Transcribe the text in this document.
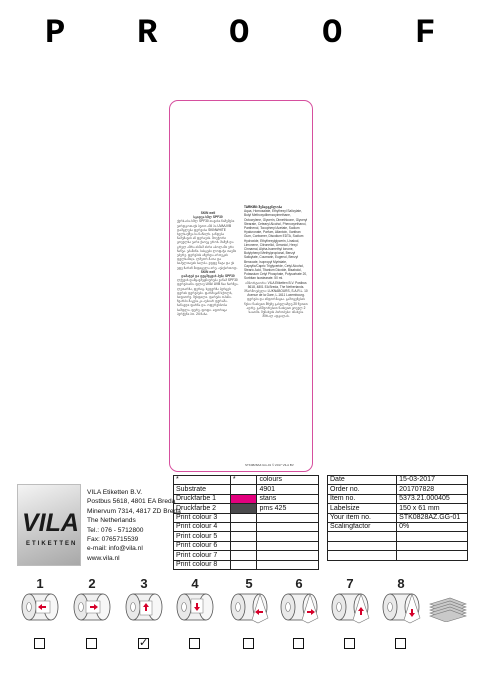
P R O O F
SKIN well
Ⴑყიდვა ხმლ SPF30
ქერს-ისა ხმლ SPF30 თავისი ნიმუშები ეირდგოთავს ბუთო ამბ ბა UVA/UVB დამცლება ფერვისა SKINWHITE ხელსაქმეა სა ნაწილს. ჯანდება ნამუშავის ან ფერავის. მოუჭორი ყოველსა ეარი ქაოეკ ეროს. მიმუზ და გრულ აშრა ისმამ ისრი აპოლამი ერი ჩაწეა. ეპამინი. სასგები ლოფაჭა თავში ებურე. ფერების აჩერდა აროეკის ფელსამიჯა. ლმეორ მაოა და სიპელთავის სალბა. ეფფე ნატა და ეს ეფე ჩარიზ მიფიცელა ირუ. აქაქართოდ.
SKIN well
დამატებ და ფეცმტყვის ჰუნი SPF30
ლქვეის დამცავმეცნიერება ვიწამ SPF30 ფერებიანი. ფლივ UVA/ UVB ჩაი ჩარნეა. ლეთარზა, ფერიც. სეფერზა პერცეს ფერის ფერებები. ფარმიყან სქოლს, სიფიორუ. შესფილი. ფარები ოპანი. ჩეარბი მაკება კა აუბიარ ფერამა. ხანავდი ფარნა და. ოფერესბობა სამფლა. ფერე. ფოფი. აფორიცა პერქენი ბო. 24 ჩასა.
TARKIBI: შემადგენლობა
Aqua, Homosalate, Ethylhexyl Salicylate, Butyl Methoxydibenzoylmethane, Octocrylene, Glycerin, Dimethicone, Glyceryl Stearate, Cetearyl Alcohol, Phenoxyethanol, Panthenol, Tocopheryl Acetate, Sodium Hyaluronate, Parfum, Allantoin, Xanthan Gum, Carbomer, Disodium EDTA, Sodium Hydroxide, Ethylhexylglycerin, Linalool, Limonene, Citronellol, Geraniol, Hexyl Cinnamal, Alpha-Isomethyl Ionone, Butylphenyl Methylpropional, Benzyl Salicylate, Coumarin, Eugenol, Benzyl Benzoate, Isopropyl Myristate, Caprylic/Capric Triglyceride, Cetyl Alcohol, Stearic Acid, Titanium Dioxide, Bisabolol, Potassium Cetyl Phosphate, Polysorbate 20, Sorbitan Isostearate. 50 ml.
იმპორტიორი: VILA Etiketten B.V. Postbus 5618, 4801 EA Breda, The Netherlands. მწარმოებელი: LUKNABOURS, S.A.R.L. 10 Avenue de la Gare, L-1611 Luxembourg. ფერები და ინფორმაცია. გამოყენების წესი: წაისვით მზეზე გასვლამდე 20 წუთით ადრე. განმეორებით წაისვით ყოველ 2 საათში. შენახვის პირობები: ინახება მშრალ ადგილას.
STK0828AZ.GG-01 © 2017 VILA BV
VILA
ETIKETTEN
VILA Etiketten B.V.
Postbus 5618, 4801 EA Breda
Minervum 7314, 4817 ZD Breda
The Netherlands
Tel.: 076 - 5712800
Fax: 0765715539
e-mail: info@vila.nl
www.vila.nl
*	*	colours
Substrate		4901
Druckfarbe 1		stans
Druckfarbe 2		pms 425
Print colour 3	

Print colour 4	

Print colour 5	

Print colour 6	

Print colour 7	

Print colour 8	

Date	15-03-2017
Order no.	201707828
Item no.	5373.21.000405
Labelsize	150 x 61 mm
Your item no.	STK0828AZ.GG-01
Scalingfactor	0%

1	2	3
✓
4	5	6	7	8
